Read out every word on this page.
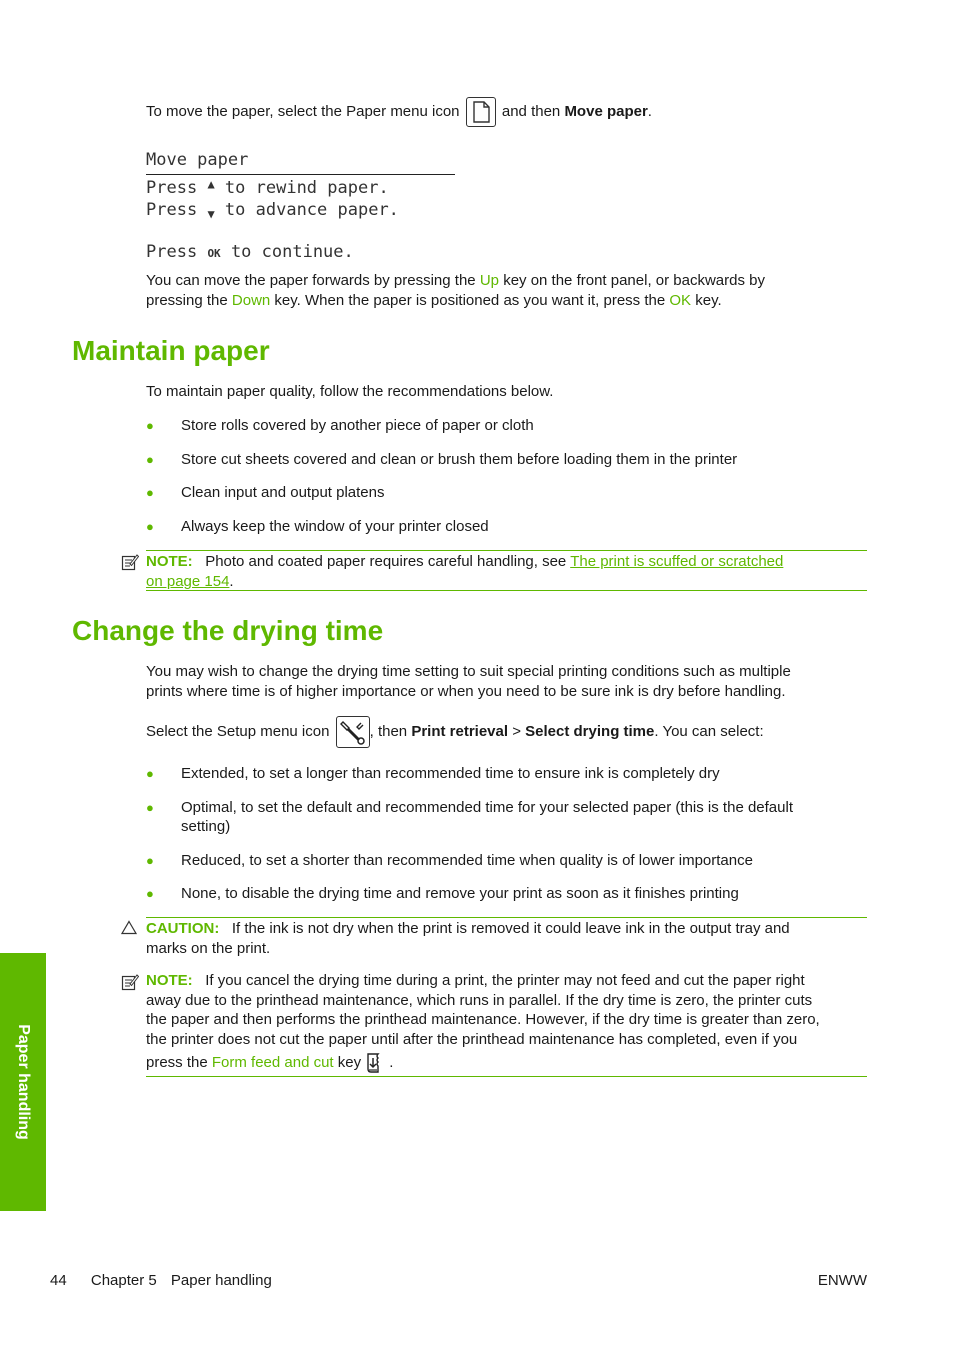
To move the paper, select the Paper menu icon	and then Move paper.
Move paper
Press ▲ to rewind paper.
Press ▼ to advance paper.
Press OK to continue.
You can move the paper forwards by pressing the Up key on the front panel, or backwards by
pressing the Down key. When the paper is positioned as you want it, press the OK key.
Maintain paper
To maintain paper quality, follow the recommendations below.
● Store rolls covered by another piece of paper or cloth
● Store cut sheets covered and clean or brush them before loading them in the printer
● Clean input and output platens
● Always keep the window of your printer closed
NOTE: Photo and coated paper requires careful handling, see The print is scuffed or scratched
on page 154.
Change the drying time
You may wish to change the drying time setting to suit special printing conditions such as multiple
prints where time is of higher importance or when you need to be sure ink is dry before handling.
Select the Setup menu icon	, then Print retrieval > Select drying time. You can select:
● Extended, to set a longer than recommended time to ensure ink is completely dry
● Optimal, to set the default and recommended time for your selected paper (this is the default setting)
● Reduced, to set a shorter than recommended time when quality is of lower importance
● None, to disable the drying time and remove your print as soon as it finishes printing
CAUTION: If the ink is not dry when the print is removed it could leave ink in the output tray and
marks on the print.
NOTE: If you cancel the drying time during a print, the printer may not feed and cut the paper right
away due to the printhead maintenance, which runs in parallel. If the dry time is zero, the printer cuts
the paper and then performs the printhead maintenance. However, if the dry time is greater than zero,
the printer does not cut the paper until after the printhead maintenance has completed, even if you
press the Form feed and cut key .
Paper handling
44 Chapter 5 Paper handling	ENWW
